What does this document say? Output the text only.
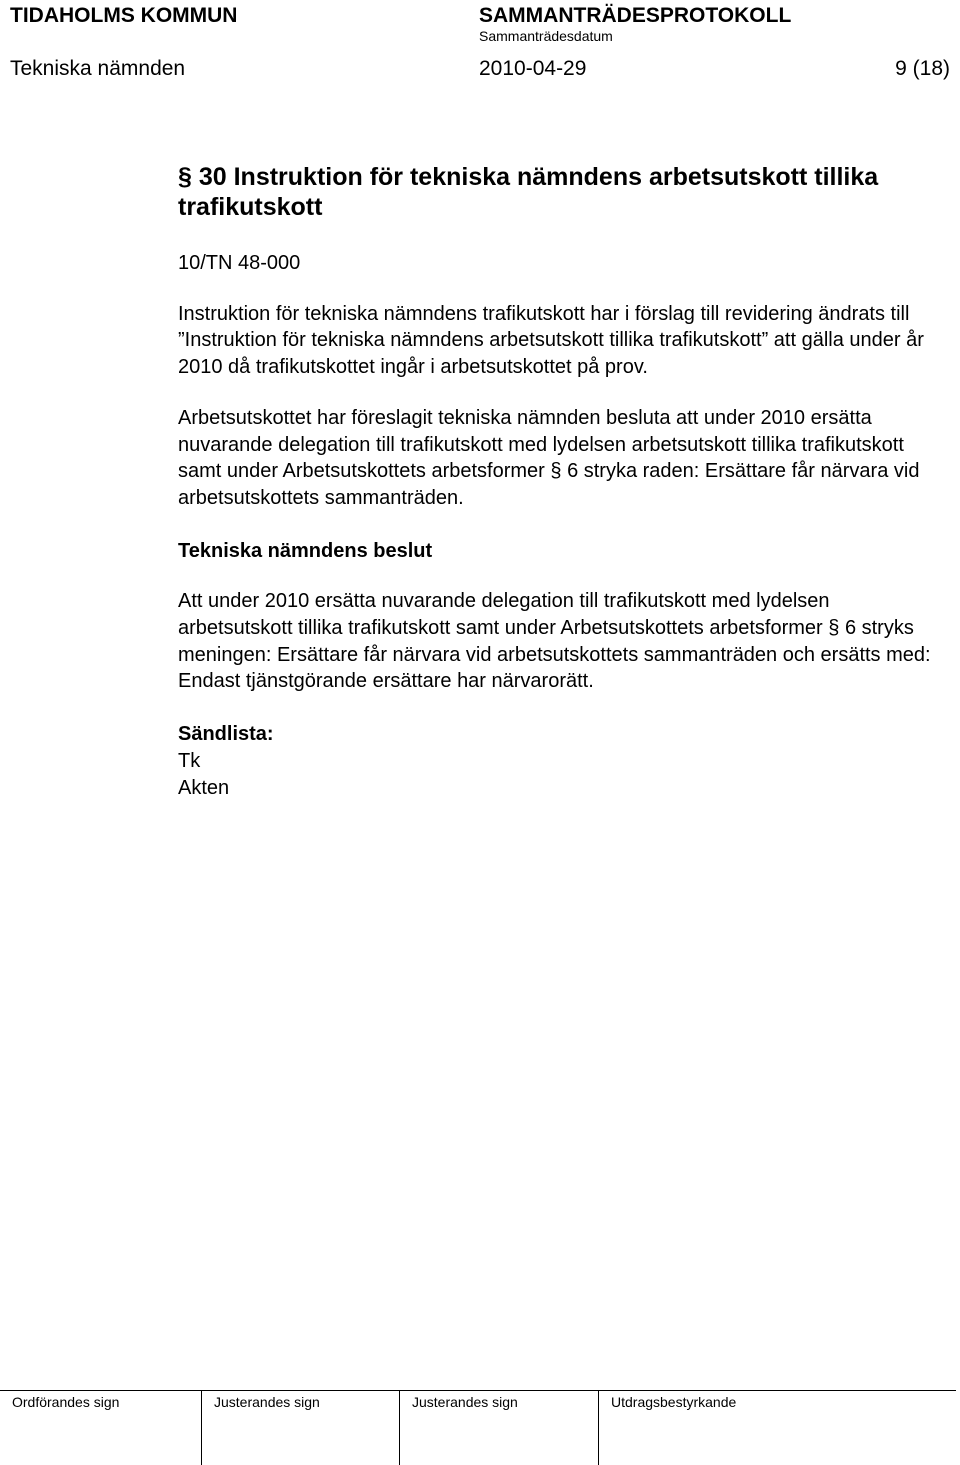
TIDAHOLMS KOMMUN	SAMMANTRÄDESPROTOKOLL
Sammanträdesdatum
Tekniska nämnden	2010-04-29	9 (18)

§ 30 Instruktion för tekniska nämndens arbetsutskott tillika trafikutskott

10/TN 48-000

Instruktion för tekniska nämndens trafikutskott har i förslag till revidering ändrats till ”Instruktion för tekniska nämndens arbetsutskott tillika trafikutskott” att gälla under år 2010 då trafikutskottet ingår i arbetsutskottet på prov.

Arbetsutskottet har föreslagit tekniska nämnden besluta att under 2010 ersätta nuvarande delegation till trafikutskott med lydelsen arbetsutskott tillika trafikutskott samt under Arbetsutskottets arbetsformer § 6 stryka raden: Ersättare får närvara vid arbetsutskottets sammanträden.

Tekniska nämndens beslut

Att under 2010 ersätta nuvarande delegation till trafikutskott med lydelsen arbetsutskott tillika trafikutskott samt under Arbetsutskottets arbetsformer § 6 stryks meningen: Ersättare får närvara vid arbetsutskottets sammanträden och ersätts med: Endast tjänstgörande ersättare har närvarorätt.

Sändlista:

Tk

Akten

Ordförandes sign	Justerandes sign	Justerandes sign	Utdragsbestyrkande
